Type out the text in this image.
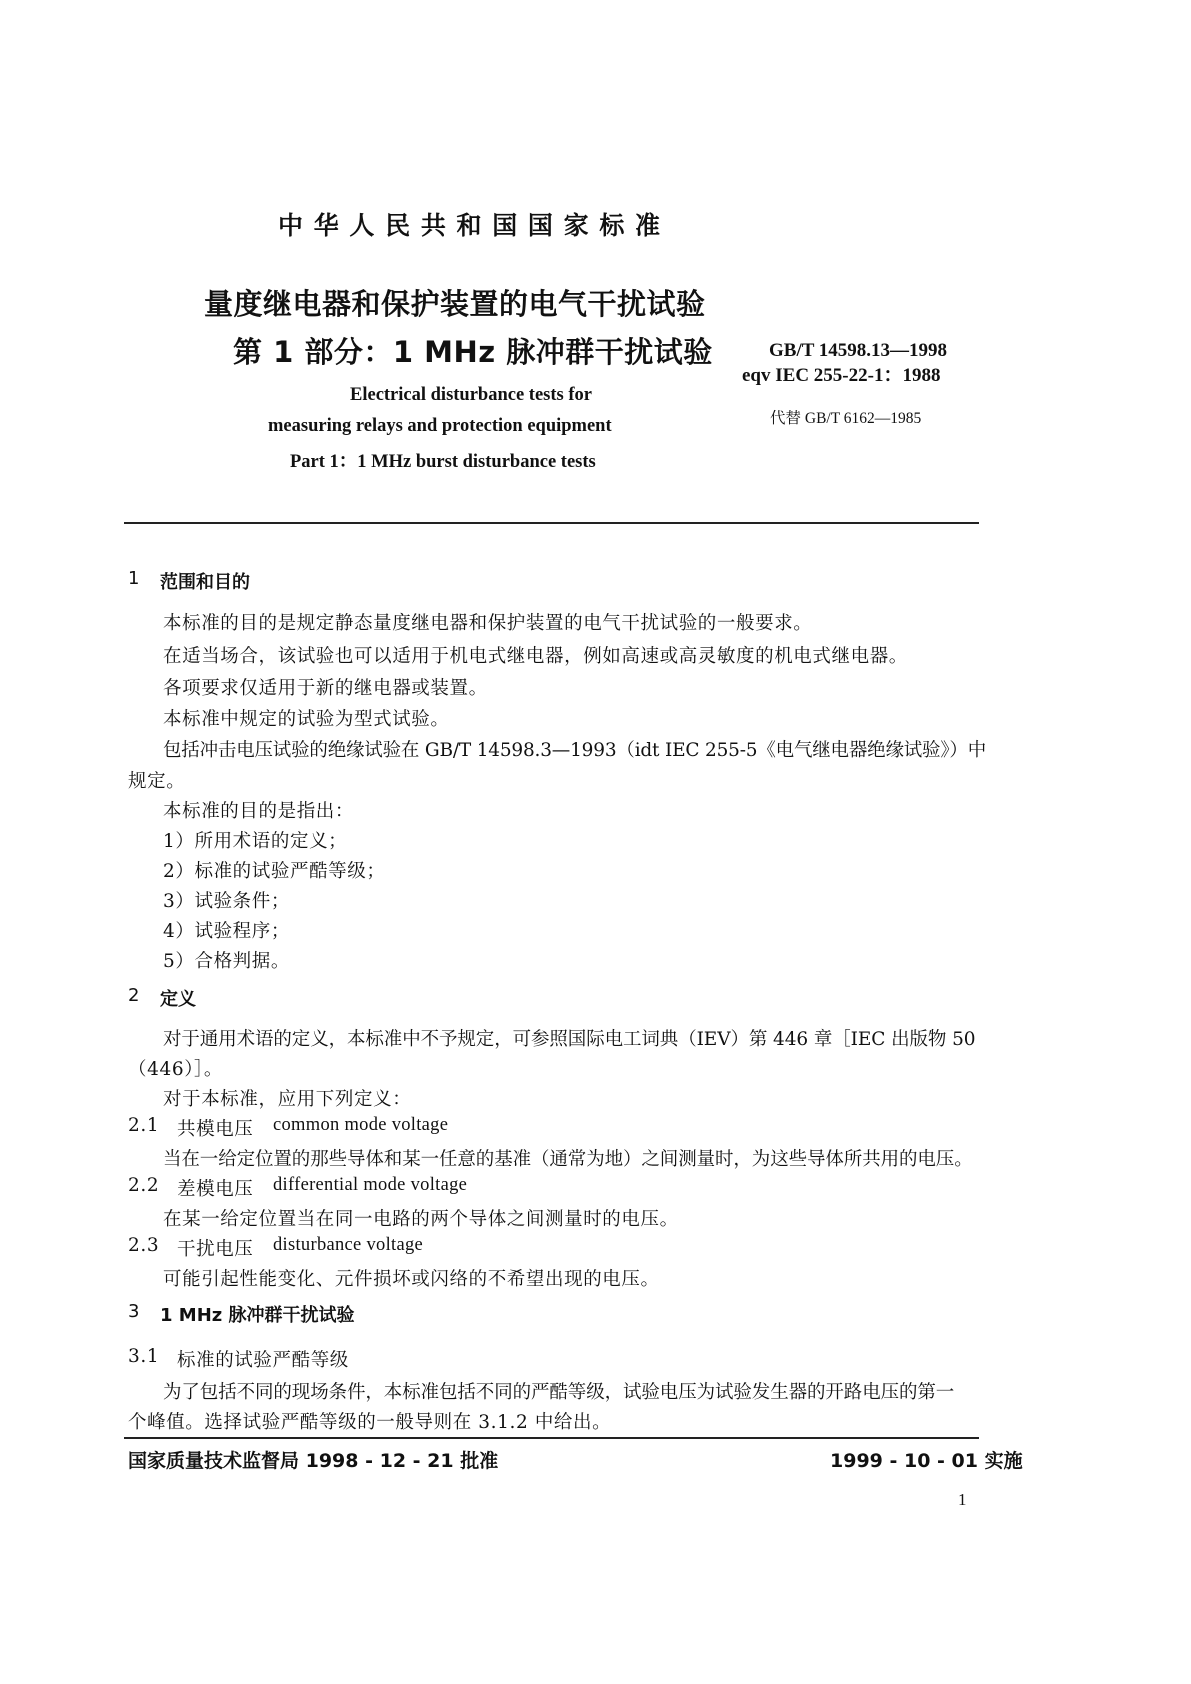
中 华 人 民 共 和 国 国 家 标 准
量度继电器和保护装置的电气干扰试验
第 1 部分：1 MHz 脉冲群干扰试验
Electrical disturbance tests for
measuring relays and protection equipment
Part 1：1 MHz burst disturbance tests
GB/T 14598.13—1998
eqv IEC 255-22-1：1988
代替 GB/T 6162—1985
1 范围和目的
本标准的目的是规定静态量度继电器和保护装置的电气干扰试验的一般要求。
在适当场合，该试验也可以适用于机电式继电器，例如高速或高灵敏度的机电式继电器。
各项要求仅适用于新的继电器或装置。
本标准中规定的试验为型式试验。
包括冲击电压试验的绝缘试验在 GB/T 14598.3—1993（idt IEC 255-5《电气继电器绝缘试验》）中
规定。
本标准的目的是指出：
1）所用术语的定义；
2）标准的试验严酷等级；
3）试验条件；
4）试验程序；
5）合格判据。
2 定义
对于通用术语的定义，本标准中不予规定，可参照国际电工词典（IEV）第 446 章［IEC 出版物 50
（446）］。
对于本标准，应用下列定义：
2.1 共模电压 common mode voltage
当在一给定位置的那些导体和某一任意的基准（通常为地）之间测量时，为这些导体所共用的电压。
2.2 差模电压 differential mode voltage
在某一给定位置当在同一电路的两个导体之间测量时的电压。
2.3 干扰电压 disturbance voltage
可能引起性能变化、元件损坏或闪络的不希望出现的电压。
3 1 MHz 脉冲群干扰试验
3.1 标准的试验严酷等级
为了包括不同的现场条件，本标准包括不同的严酷等级，试验电压为试验发生器的开路电压的第一
个峰值。选择试验严酷等级的一般导则在 3.1.2 中给出。
国家质量技术监督局 1998 - 12 - 21 批准	1999 - 10 - 01 实施
1
